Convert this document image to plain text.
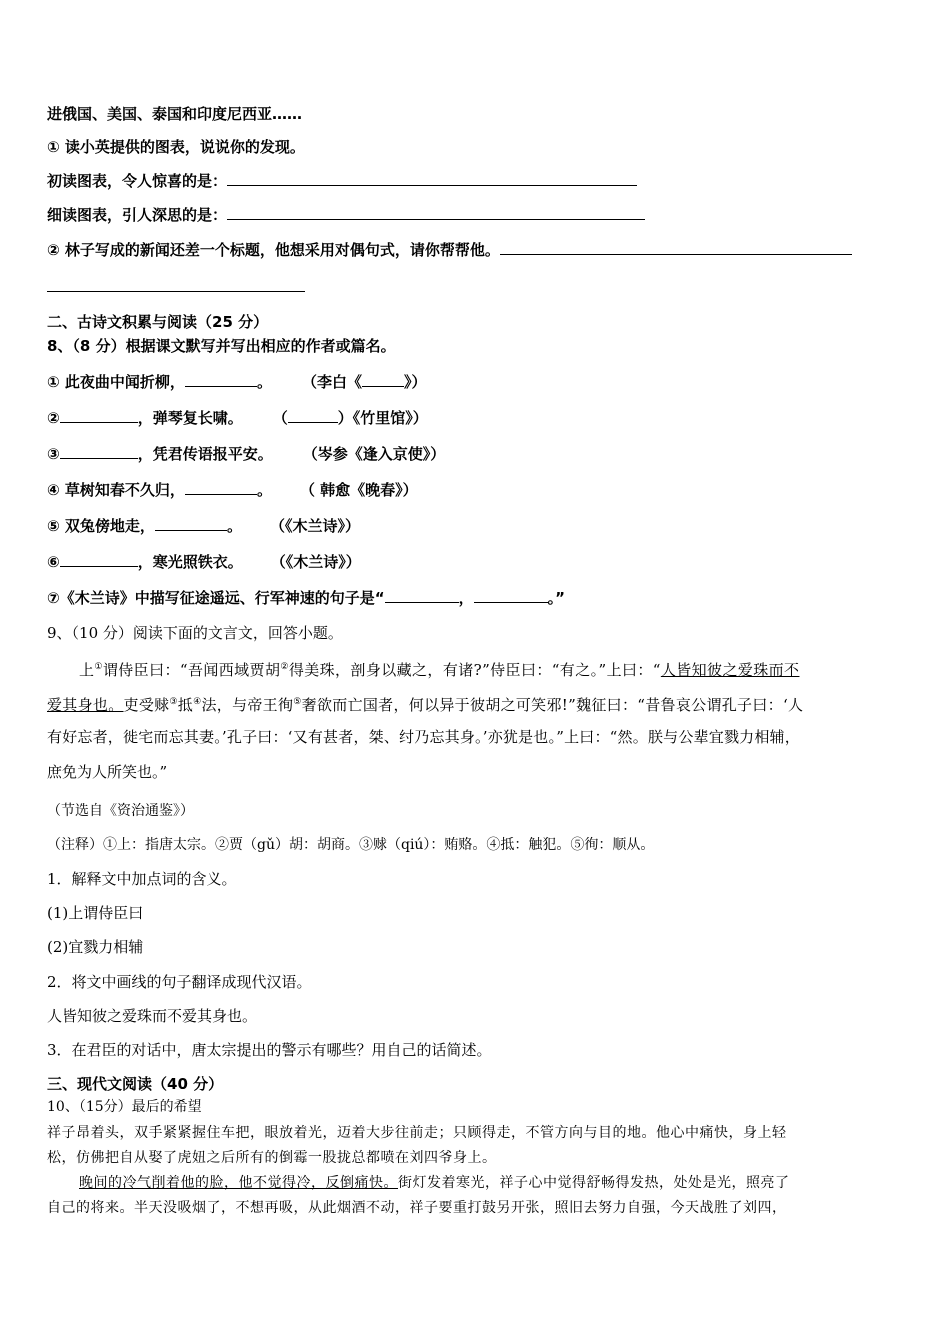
进俄国、美国、泰国和印度尼西亚……
① 读小英提供的图表，说说你的发现。
初读图表，令人惊喜的是：
细读图表，引人深思的是：
② 林子写成的新闻还差一个标题，他想采用对偶句式，请你帮帮他。
二、古诗文积累与阅读（25 分）
8、（8 分）根据课文默写并写出相应的作者或篇名。
① 此夜曲中闻折柳，	。 （李白《	》）
②	，弹琴复长啸。 （	）《竹里馆》）
③	，凭君传语报平安。 （岑参《逢入京使》）
④ 草树知春不久归，	。 （ 韩愈《晚春》）
⑤ 双兔傍地走，	。 （《木兰诗》）
⑥	，寒光照铁衣。 （《木兰诗》）
⑦《木兰诗》中描写征途遥远、行军神速的句子是“	，	。”
9、（10 分）阅读下面的文言文，回答小题。
上①谓侍臣曰：“吾闻西域贾胡②得美珠，剖身以藏之，有诸?”侍臣曰：“有之。”上曰：“人皆知彼之爱珠而不
爱其身也。吏受赇③抵④法，与帝王徇⑤奢欲而亡国者，何以异于彼胡之可笑邪!”魏征曰：“昔鲁哀公谓孔子曰：‘人
有好忘者，徙宅而忘其妻。’孔子曰：‘又有甚者，桀、纣乃忘其身。’亦犹是也。”上曰：“然。朕与公辈宜戮力相辅，
庶免为人所笑也。”
（节选自《资治通鉴》）
（注释）①上：指唐太宗。②贾（gǔ）胡：胡商。③赇（qiú）：贿赂。④抵：触犯。⑤徇：顺从。
1．解释文中加点词的含义。
(1)上谓侍臣曰
(2)宜戮力相辅
2．将文中画线的句子翻译成现代汉语。
人皆知彼之爱珠而不爱其身也。
3．在君臣的对话中，唐太宗提出的警示有哪些？用自己的话简述。
三、现代文阅读（40 分）
10、（15分）最后的希望
祥子昂着头，双手紧紧握住车把，眼放着光，迈着大步往前走；只顾得走，不管方向与目的地。他心中痛快，身上轻
松，仿佛把自从娶了虎妞之后所有的倒霉一股拢总都喷在刘四爷身上。
晚间的冷气削着他的脸，他不觉得冷，反倒痛快。街灯发着寒光，祥子心中觉得舒畅得发热，处处是光，照亮了
自己的将来。半天没吸烟了，不想再吸，从此烟酒不动，祥子要重打鼓另开张，照旧去努力自强，今天战胜了刘四，
